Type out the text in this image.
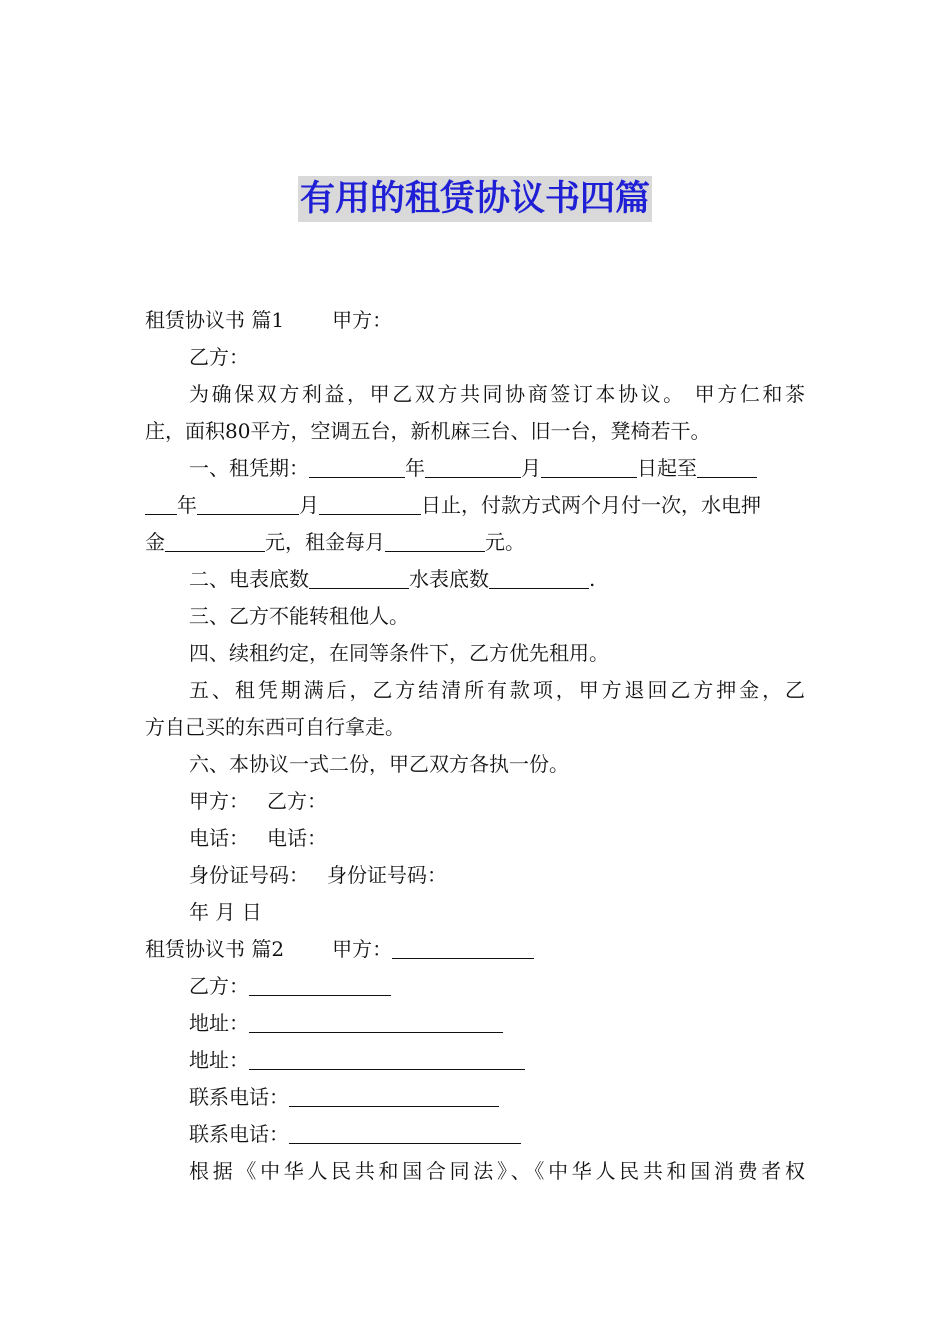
有用的租赁协议书四篇
租赁协议书 篇1 甲方：
乙方：
为确保双方利益，甲乙双方共同协商签订本协议。 甲方仁和茶
庄，面积80平方，空调五台，新机麻三台、旧一台，凳椅若干。
一、租凭期：	年	月	日起至
年	月	日止，付款方式两个月付一次，水电押
金	元，租金每月	元。
二、电表底数	水表底数	.
三、乙方不能转租他人。
四、续租约定，在同等条件下，乙方优先租用。
五、租凭期满后，乙方结清所有款项，甲方退回乙方押金，乙
方自己买的东西可自行拿走。
六、本协议一式二份，甲乙双方各执一份。
甲方： 乙方：
电话： 电话：
身份证号码： 身份证号码：
年 月 日
租赁协议书 篇2 甲方：
乙方：
地址：
地址：
联系电话：
联系电话：
根据《中华人民共和国合同法》、《中华人民共和国消费者权
